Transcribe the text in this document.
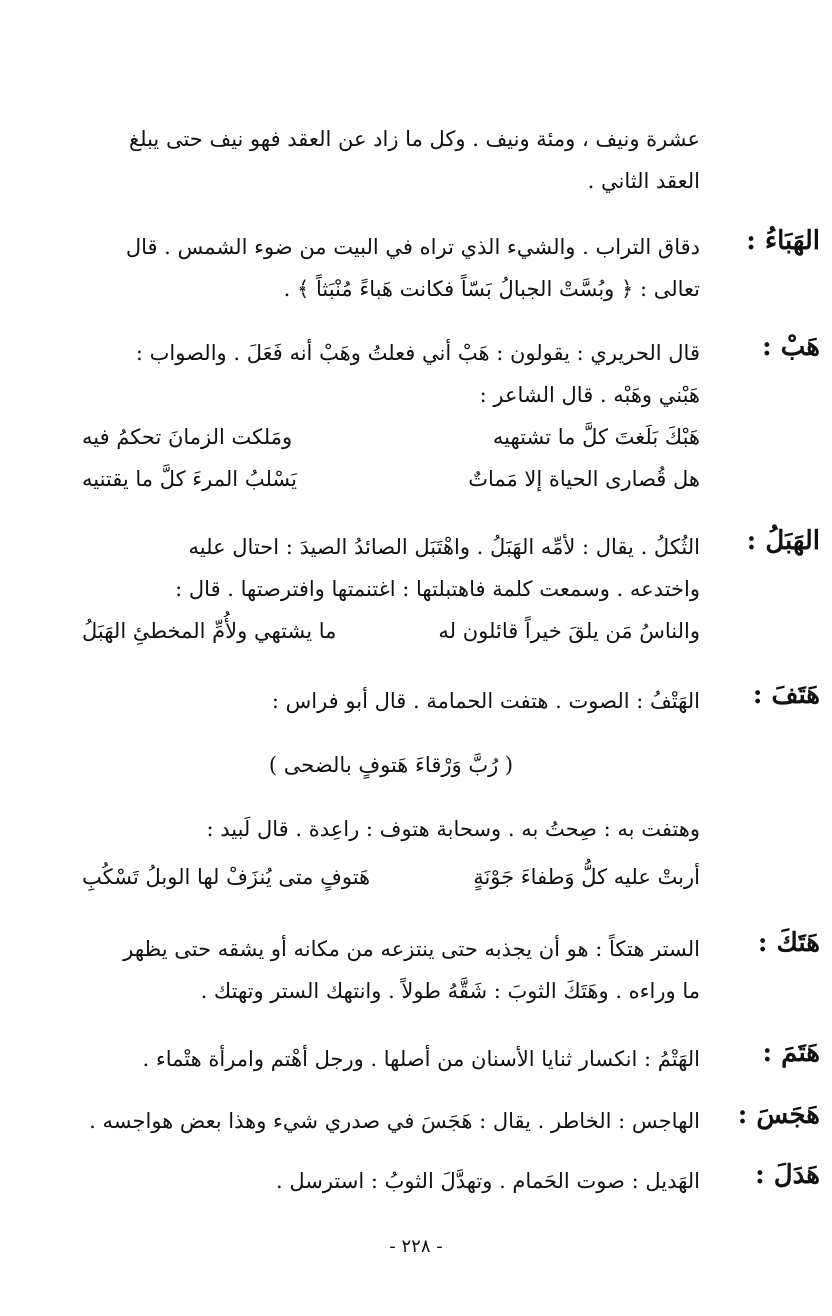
عشرة ونيف ، ومئة ونيف . وكل ما زاد عن العقد فهو نيف حتى يبلغ
العقد الثاني .
الهَبَاءُ :
دقاق التراب . والشيء الذي تراه في البيت من ضوء الشمس . قال
تعالى : ﴿ وبُسَّتْ الجبالُ بَسّاً فكانت هَباءً مُنْبَثاً ﴾ .
هَبْ :
قال الحريري : يقولون : هَبْ أني فعلتُ وهَبْ أنه فَعَلَ . والصواب :
هَبْني وهَبْه . قال الشاعر :
هَبْكَ بَلَغتَ كلَّ ما تشتهيه
ومَلكت الزمانَ تحكمُ فيه
هل قُصارى الحياة إلا مَماتٌ
يَسْلبُ المرءَ كلَّ ما يقتنيه
الهَبَلُ :
الثُكلُ . يقال : لأمِّه الهَبَلُ . واهْتَبَل الصائدُ الصيدَ : احتال عليه
واختدعه . وسمعت كلمة فاهتبلتها : اغتنمتها وافترصتها . قال :
والناسُ مَن يلقَ خيراً قائلون له
ما يشتهي ولأُمِّ المخطئِ الهَبَلُ
هَتَفَ :
الهَتْفُ : الصوت . هتفت الحمامة . قال أبو فراس :
( رُبَّ وَرْقاءَ هَتوفٍ بالضحى )
وهتفت به : صِحتُ به . وسحابة هتوف : راعِدة . قال لَبيد :
أربتْ عليه كلُّ وَطفاءَ جَوْنَةٍ
هَتوفٍ متى يُنزَفْ لها الوبلُ تَسْكُبِ
هَتَكَ :
الستر هتكاً : هو أن يجذبه حتى ينتزعه من مكانه أو يشقه حتى يظهر
ما وراءه . وهَتَكَ الثوبَ : شَقَّهُ طولاً . وانتهك الستر وتهتك .
هَتَمَ :
الهَتْمُ : انكسار ثنايا الأسنان من أصلها . ورجل أهْتم وامرأة هتْماء .
هَجَسَ :
الهاجس : الخاطر . يقال : هَجَسَ في صدري شيء وهذا بعض هواجسه .
هَدَلَ :
الهَديل : صوت الحَمام . وتهدَّلَ الثوبُ : استرسل .
- ٢٢٨ -
